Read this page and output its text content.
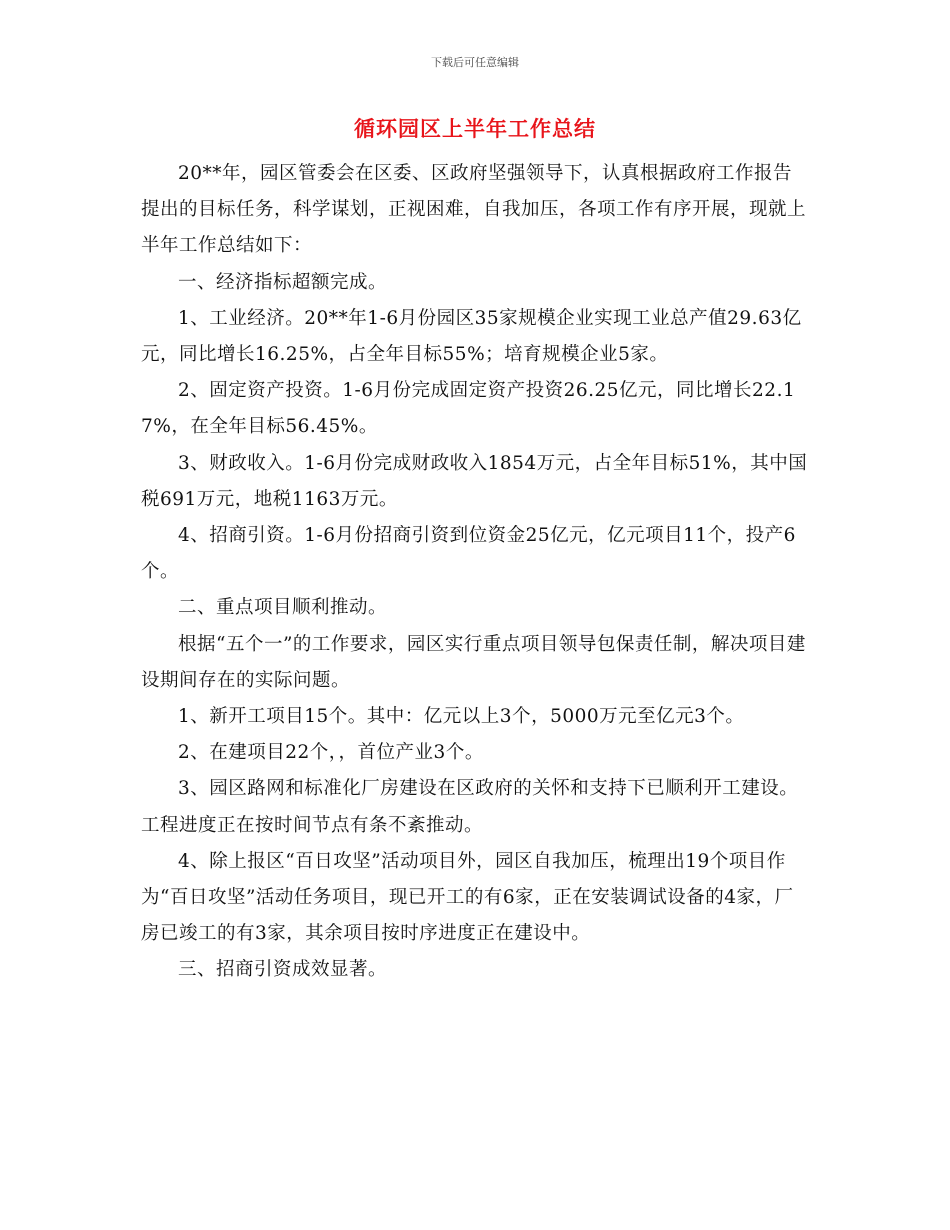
下载后可任意编辑
循环园区上半年工作总结

20**年，园区管委会在区委、区政府坚强领导下，认真根据政府工作报告提出的目标任务，科学谋划，正视困难，自我加压，各项工作有序开展，现就上半年工作总结如下：

一、经济指标超额完成。

1、工业经济。20**年1-6月份园区35家规模企业实现工业总产值29.63亿元，同比增长16.25%，占全年目标55%；培育规模企业5家。

2、固定资产投资。1-6月份完成固定资产投资26.25亿元，同比增长22.17%，在全年目标56.45%。

3、财政收入。1-6月份完成财政收入1854万元，占全年目标51%，其中国税691万元，地税1163万元。

4、招商引资。1-6月份招商引资到位资金25亿元，亿元项目11个，投产6个。

二、重点项目顺利推动。

根据“五个一”的工作要求，园区实行重点项目领导包保责任制，解决项目建设期间存在的实际问题。

1、新开工项目15个。其中：亿元以上3个，5000万元至亿元3个。

2、在建项目22个，，首位产业3个。

3、园区路网和标准化厂房建设在区政府的关怀和支持下已顺利开工建设。工程进度正在按时间节点有条不紊推动。

4、除上报区“百日攻坚”活动项目外，园区自我加压，梳理出19个项目作为“百日攻坚”活动任务项目，现已开工的有6家，正在安装调试设备的4家，厂房已竣工的有3家，其余项目按时序进度正在建设中。

三、招商引资成效显著。
